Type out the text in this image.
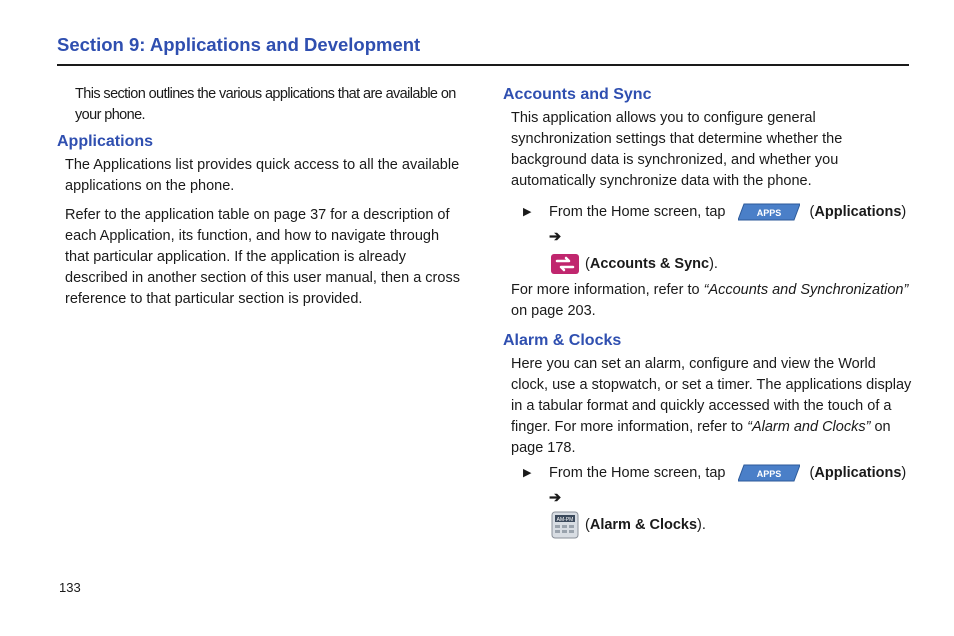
Section 9: Applications and Development

This section outlines the various applications that are available on your phone.

Applications

The Applications list provides quick access to all the available applications on the phone.

Refer to the application table on page 37 for a description of each Application, its function, and how to navigate through that particular application. If the application is already described in another section of this user manual, then a cross reference to that particular section is provided.

Accounts and Sync

This application allows you to configure general synchronization settings that determine whether the background data is synchronized, and whether you automatically synchronize data with the phone.

▶ From the Home screen, tap	APPS (Applications) ➔
(Accounts & Sync).

For more information, refer to “Accounts and Synchronization” on page 203.

Alarm & Clocks

Here you can set an alarm, configure and view the World clock, use a stopwatch, or set a timer. The applications display in a tabular format and quickly accessed with the touch of a finger. For more information, refer to “Alarm and Clocks” on page 178.

▶ From the Home screen, tap	APPS (Applications) ➔

AM-PM (Alarm & Clocks).
133
